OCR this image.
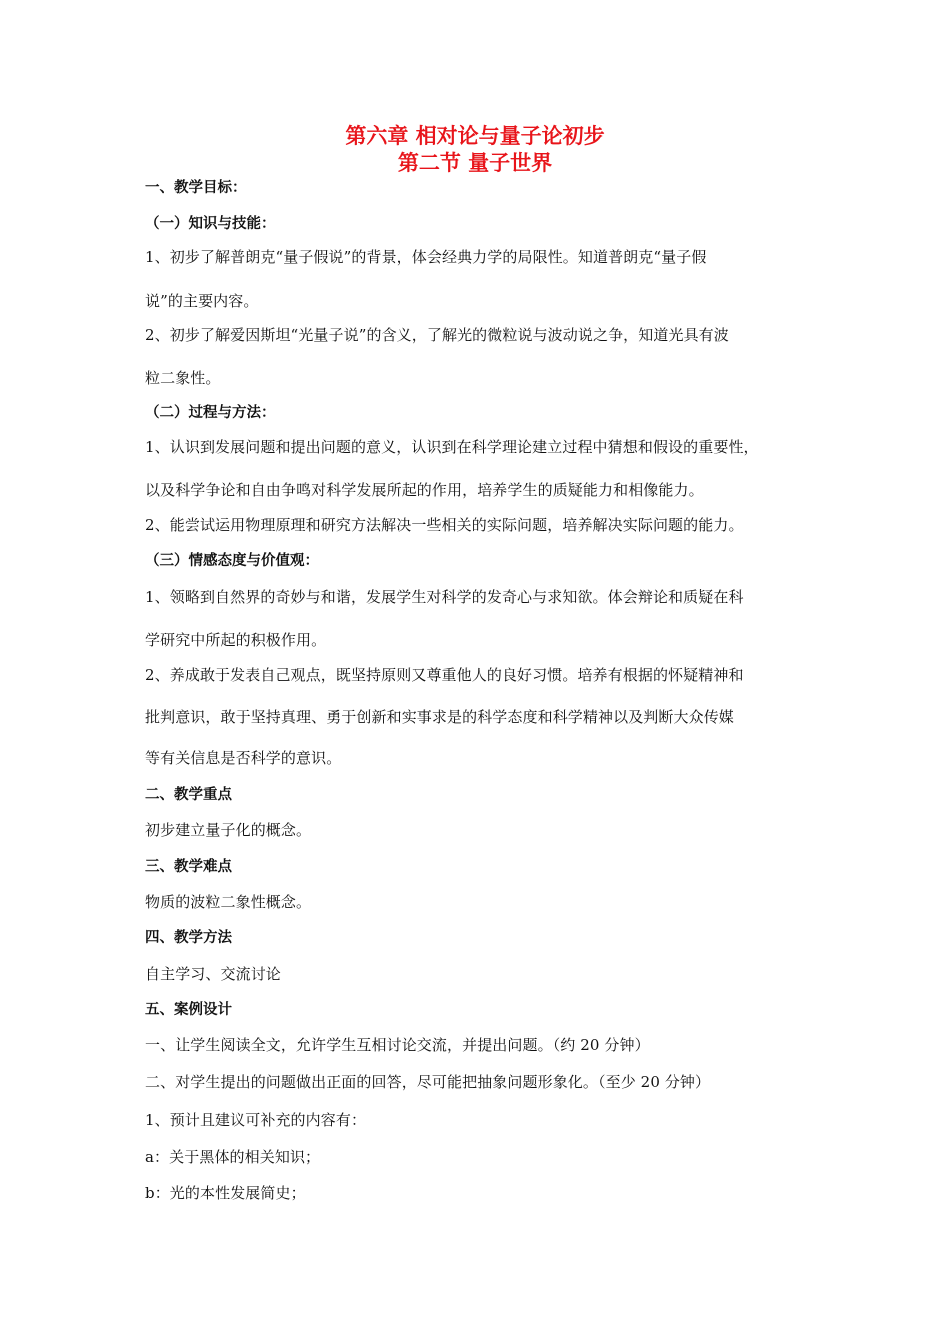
第六章 相对论与量子论初步
第二节 量子世界
一、教学目标：
（一）知识与技能：
1、初步了解普朗克“量子假说”的背景，体会经典力学的局限性。知道普朗克“量子假
说”的主要内容。
2、初步了解爱因斯坦“光量子说”的含义，了解光的微粒说与波动说之争，知道光具有波
粒二象性。
（二）过程与方法：
1、认识到发展问题和提出问题的意义，认识到在科学理论建立过程中猜想和假设的重要性，
以及科学争论和自由争鸣对科学发展所起的作用，培养学生的质疑能力和相像能力。
2、能尝试运用物理原理和研究方法解决一些相关的实际问题，培养解决实际问题的能力。
（三）情感态度与价值观：
1、领略到自然界的奇妙与和谐，发展学生对科学的发奇心与求知欲。体会辩论和质疑在科
学研究中所起的积极作用。
2、养成敢于发表自己观点，既坚持原则又尊重他人的良好习惯。培养有根据的怀疑精神和
批判意识，敢于坚持真理、勇于创新和实事求是的科学态度和科学精神以及判断大众传媒
等有关信息是否科学的意识。
二、教学重点
初步建立量子化的概念。
三、教学难点
物质的波粒二象性概念。
四、教学方法
自主学习、交流讨论
五、案例设计
一、让学生阅读全文，允许学生互相讨论交流，并提出问题。（约 20 分钟）
二、对学生提出的问题做出正面的回答，尽可能把抽象问题形象化。（至少 20 分钟）
1、预计且建议可补充的内容有：
a：关于黑体的相关知识；
b：光的本性发展简史；
